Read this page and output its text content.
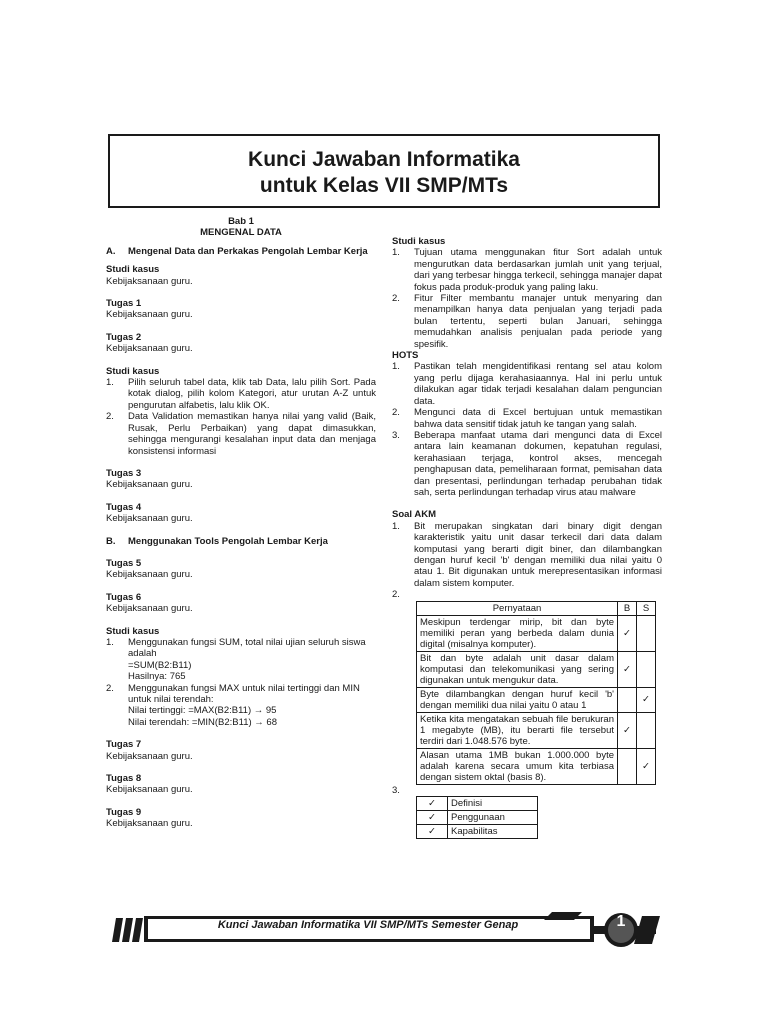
Kunci Jawaban Informatika
untuk Kelas VII SMP/MTs
Bab 1
MENGENAL DATA
A.	Mengenal Data dan Perkakas Pengolah Lembar Kerja
Studi kasus
Kebijaksanaan guru.
Tugas 1
Kebijaksanaan guru.
Tugas 2
Kebijaksanaan guru.
Studi kasus
1.	Pilih seluruh tabel data, klik tab Data, lalu pilih Sort. Pada kotak dialog, pilih kolom Kategori, atur urutan A-Z untuk pengurutan alfabetis, lalu klik OK.
2.	Data Validation memastikan hanya nilai yang valid (Baik, Rusak, Perlu Perbaikan) yang dapat dimasukkan, sehingga mengurangi kesalahan input data dan menjaga konsistensi informasi
Tugas 3
Kebijaksanaan guru.
Tugas 4
Kebijaksanaan guru.
B.	Menggunakan Tools Pengolah Lembar Kerja
Tugas 5
Kebijaksanaan guru.
Tugas 6
Kebijaksanaan guru.
Studi kasus
1.	Menggunakan fungsi SUM, total nilai ujian seluruh siswa adalah
=SUM(B2:B11)
Hasilnya: 765
2.	Menggunakan fungsi MAX untuk nilai tertinggi dan MIN untuk nilai terendah:
Nilai tertinggi: =MAX(B2:B11) → 95
Nilai terendah: =MIN(B2:B11) → 68
Tugas 7
Kebijaksanaan guru.
Tugas 8
Kebijaksanaan guru.
Tugas 9
Kebijaksanaan guru.
Studi kasus
1.	Tujuan utama menggunakan fitur Sort adalah untuk mengurutkan data berdasarkan jumlah unit yang terjual, dari yang terbesar hingga terkecil, sehingga manajer dapat fokus pada produk-produk yang paling laku.
2.	Fitur Filter membantu manajer untuk menyaring dan menampilkan hanya data penjualan yang terjadi pada bulan tertentu, seperti bulan Januari, sehingga memudahkan analisis penjualan pada periode yang spesifik.
HOTS
1.	Pastikan telah mengidentifikasi rentang sel atau kolom yang perlu dijaga kerahasiaannya. Hal ini perlu untuk dilakukan agar tidak terjadi kesalahan dalam penguncian data.
2.	Mengunci data di Excel bertujuan untuk memastikan bahwa data sensitif tidak jatuh ke tangan yang salah.
3.	Beberapa manfaat utama dari mengunci data di Excel antara lain keamanan dokumen, kepatuhan regulasi, kerahasiaan terjaga, kontrol akses, mencegah penghapusan data, pemeliharaan format, pemisahan data dan presentasi, perlindungan terhadap perubahan tidak sah, serta perlindungan terhadap virus atau malware
Soal AKM
1.	Bit merupakan singkatan dari binary digit dengan karakteristik yaitu unit dasar terkecil dari data dalam komputasi yang berarti digit biner, dan dilambangkan dengan huruf kecil 'b' dengan memiliki dua nilai yaitu 0 atau 1. Bit digunakan untuk merepresentasikan informasi dalam sistem komputer.
2.
Pernyataan	B	S
Meskipun terdengar mirip, bit dan byte memiliki peran yang berbeda dalam dunia digital (misalnya komputer).	✓	
Bit dan byte adalah unit dasar dalam komputasi dan telekomunikasi yang sering digunakan untuk mengukur data.	✓	
Byte dilambangkan dengan huruf kecil 'b' dengan memiliki dua nilai yaitu 0 atau 1		✓
Ketika kita mengatakan sebuah file berukuran 1 megabyte (MB), itu berarti file tersebut terdiri dari 1.048.576 byte.	✓	
Alasan utama 1MB bukan 1.000.000 byte adalah karena secara umum kita terbiasa dengan sistem oktal (basis 8).		✓
3.
✓	Definisi
✓	Penggunaan
✓	Kapabilitas
Kunci Jawaban Informatika VII SMP/MTs Semester Genap	1
